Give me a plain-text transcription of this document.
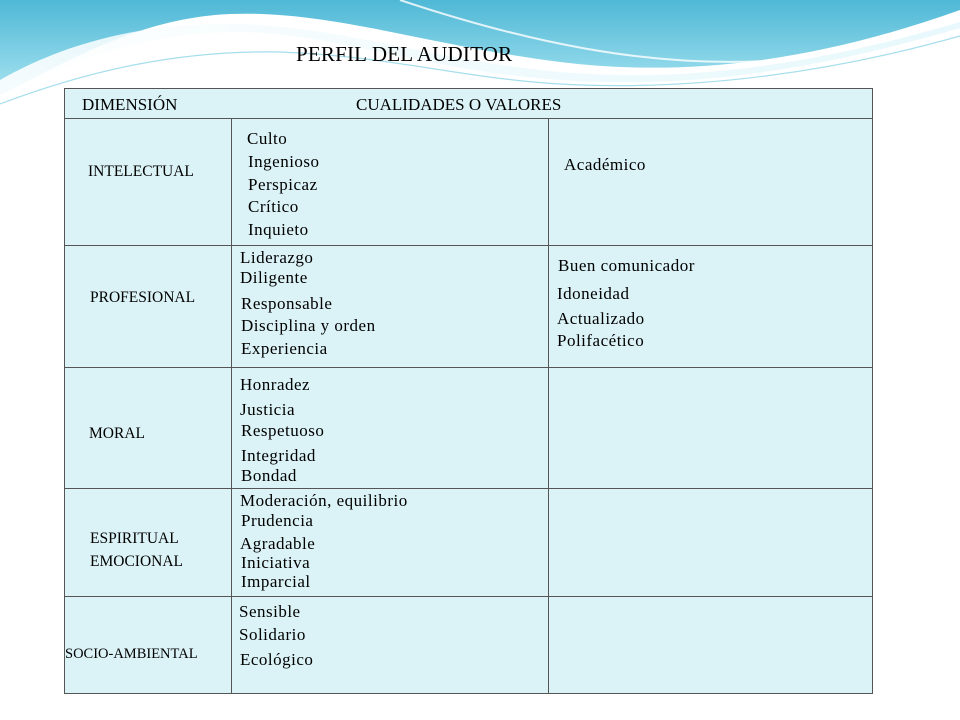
PERFIL DEL AUDITOR
DIMENSIÓN	CUALIDADES O VALORES
INTELECTUAL
Culto
Ingenioso
Perspicaz
Crítico
Inquieto
Académico
PROFESIONAL
Liderazgo
Diligente
Responsable
Disciplina y orden
Experiencia
Buen comunicador
Idoneidad
Actualizado
Polifacético
MORAL
Honradez
Justicia
Respetuoso
Integridad
Bondad
ESPIRITUAL
EMOCIONAL
Moderación, equilibrio
Prudencia
Agradable
Iniciativa
Imparcial
SOCIO-AMBIENTAL
Sensible
Solidario
Ecológico
